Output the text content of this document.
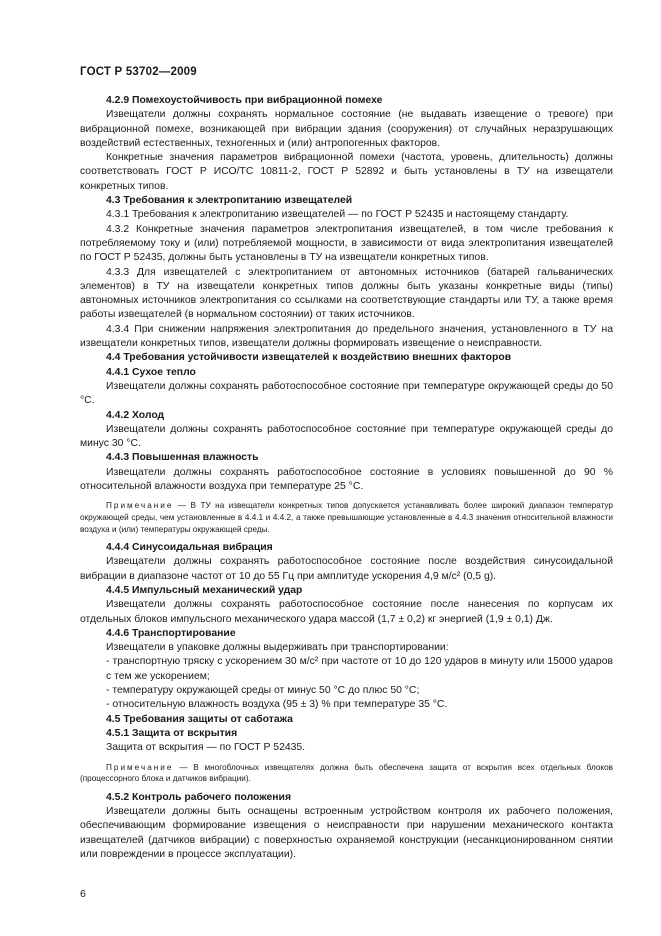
ГОСТ Р 53702—2009

4.2.9 Помехоустойчивость при вибрационной помехе

Извещатели должны сохранять нормальное состояние (не выдавать извещение о тревоге) при вибрационной помехе, возникающей при вибрации здания (сооружения) от случайных неразрушающих воздействий естественных, техногенных и (или) антропогенных факторов.

Конкретные значения параметров вибрационной помехи (частота, уровень, длительность) должны соответствовать ГОСТ Р ИСО/ТС 10811-2, ГОСТ Р 52892 и быть установлены в ТУ на извещатели конкретных типов.

4.3 Требования к электропитанию извещателей

4.3.1 Требования к электропитанию извещателей — по ГОСТ Р 52435 и настоящему стандарту.

4.3.2 Конкретные значения параметров электропитания извещателей, в том числе требования к потребляемому току и (или) потребляемой мощности, в зависимости от вида электропитания извещателей по ГОСТ Р 52435, должны быть установлены в ТУ на извещатели конкретных типов.

4.3.3 Для извещателей с электропитанием от автономных источников (батарей гальванических элементов) в ТУ на извещатели конкретных типов должны быть указаны конкретные виды (типы) автономных источников электропитания со ссылками на соответствующие стандарты или ТУ, а также время работы извещателей (в нормальном состоянии) от таких источников.

4.3.4 При снижении напряжения электропитания до предельного значения, установленного в ТУ на извещатели конкретных типов, извещатели должны формировать извещение о неисправности.

4.4 Требования устойчивости извещателей к воздействию внешних факторов

4.4.1 Сухое тепло

Извещатели должны сохранять работоспособное состояние при температуре окружающей среды до 50 °С.

4.4.2 Холод

Извещатели должны сохранять работоспособное состояние при температуре окружающей среды до минус 30 °С.

4.4.3 Повышенная влажность

Извещатели должны сохранять работоспособное состояние в условиях повышенной до 90 % относительной влажности воздуха при температуре 25 °С.

Примечание — В ТУ на извещатели конкретных типов допускается устанавливать более широкий диапазон температур окружающей среды, чем установленные в 4.4.1 и 4.4.2, а также превышающие установленные в 4.4.3 значения относительной влажности воздуха и (или) температуры окружающей среды.

4.4.4 Синусоидальная вибрация

Извещатели должны сохранять работоспособное состояние после воздействия синусоидальной вибрации в диапазоне частот от 10 до 55 Гц при амплитуде ускорения 4,9 м/с² (0,5 g).

4.4.5 Импульсный механический удар

Извещатели должны сохранять работоспособное состояние после нанесения по корпусам их отдельных блоков импульсного механического удара массой (1,7 ± 0,2) кг энергией (1,9 ± 0,1) Дж.

4.4.6 Транспортирование

Извещатели в упаковке должны выдерживать при транспортировании:

- транспортную тряску с ускорением 30 м/с² при частоте от 10 до 120 ударов в минуту или 15000 ударов с тем же ускорением;

- температуру окружающей среды от минус 50 °С до плюс 50 °С;

- относительную влажность воздуха (95 ± 3) % при температуре 35 °С.

4.5 Требования защиты от саботажа

4.5.1 Защита от вскрытия

Защита от вскрытия — по ГОСТ Р 52435.

Примечание — В многоблочных извещателях должна быть обеспечена защита от вскрытия всех отдельных блоков (процессорного блока и датчиков вибрации).

4.5.2 Контроль рабочего положения

Извещатели должны быть оснащены встроенным устройством контроля их рабочего положения, обеспечивающим формирование извещения о неисправности при нарушении механического контакта извещателей (датчиков вибрации) с поверхностью охраняемой конструкции (несанкционированном снятии или повреждении в процессе эксплуатации).

6
